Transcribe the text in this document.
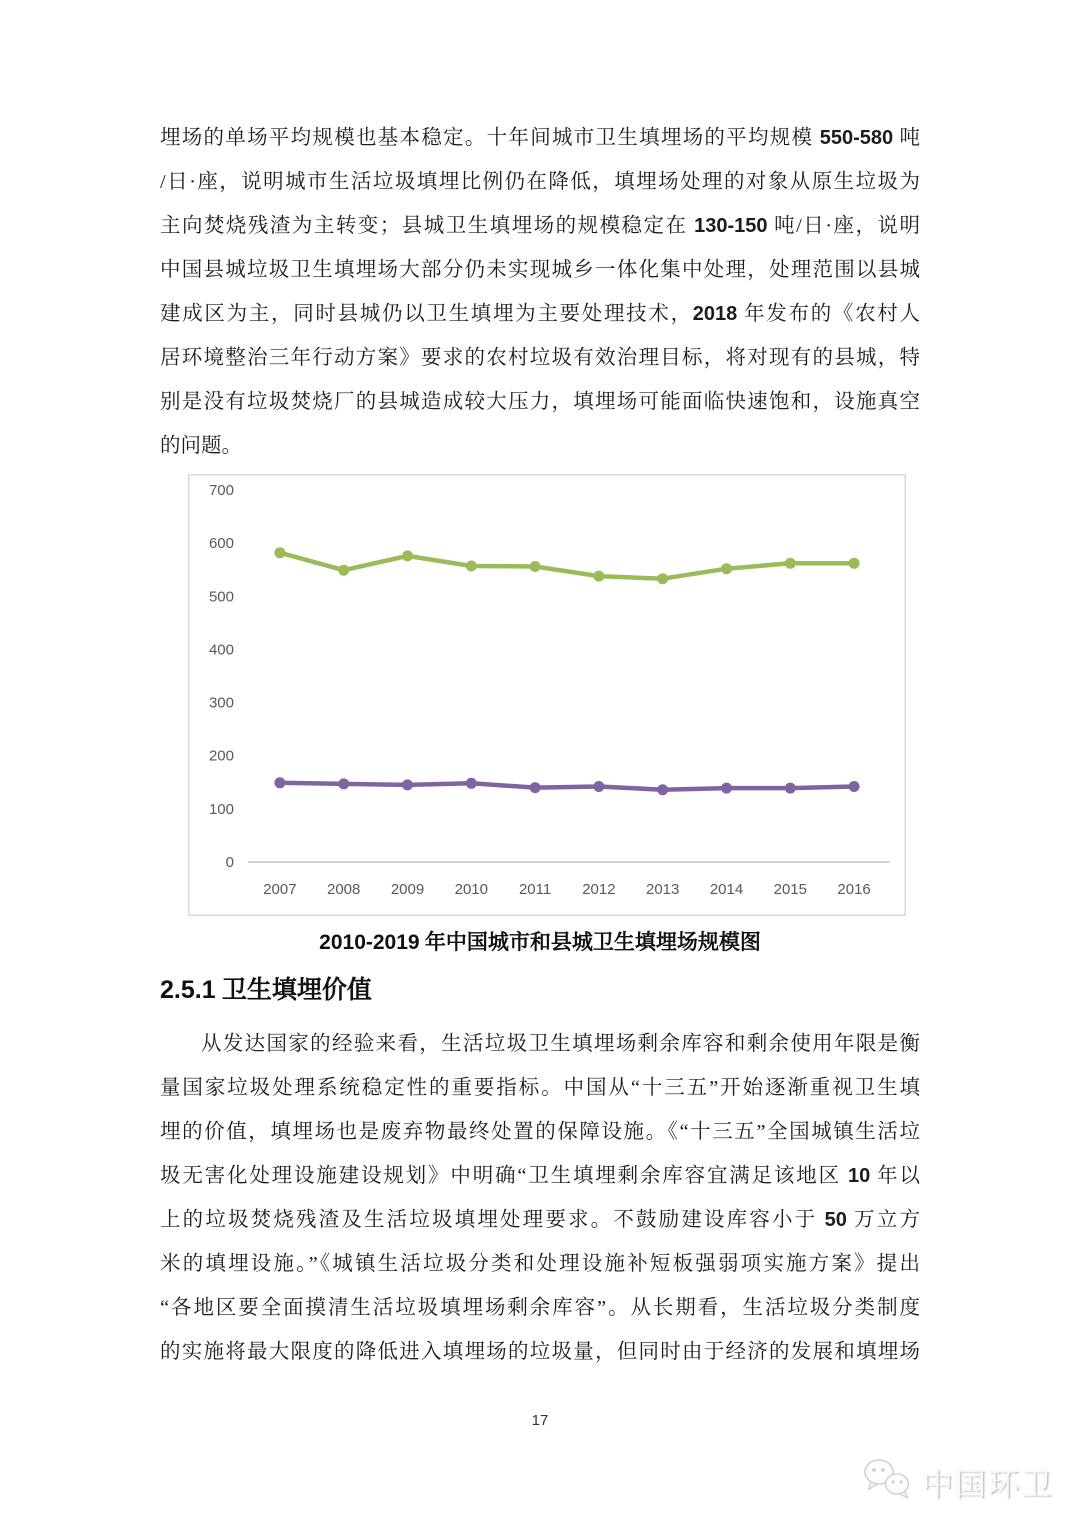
埋场的单场平均规模也基本稳定。十年间城市卫生填埋场的平均规模 550-580 吨
/日·座，说明城市生活垃圾填埋比例仍在降低，填埋场处理的对象从原生垃圾为
主向焚烧残渣为主转变；县城卫生填埋场的规模稳定在 130-150 吨/日·座，说明
中国县城垃圾卫生填埋场大部分仍未实现城乡一体化集中处理，处理范围以县城
建成区为主，同时县城仍以卫生填埋为主要处理技术，2018 年发布的《农村人
居环境整治三年行动方案》要求的农村垃圾有效治理目标，将对现有的县城，特
别是没有垃圾焚烧厂的县城造成较大压力，填埋场可能面临快速饱和，设施真空
的问题。
0
100
200
300
400
500
600
700
2007 2008 2009 2010 2011 2012 2013 2014 2015 2016
2010-2019 年中国城市和县城卫生填埋场规模图
2.5.1 卫生填埋价值
从发达国家的经验来看，生活垃圾卫生填埋场剩余库容和剩余使用年限是衡
量国家垃圾处理系统稳定性的重要指标。中国从“十三五”开始逐渐重视卫生填
埋的价值，填埋场也是废弃物最终处置的保障设施。《“十三五”全国城镇生活垃
圾无害化处理设施建设规划》中明确“卫生填埋剩余库容宜满足该地区 10 年以
上的垃圾焚烧残渣及生活垃圾填埋处理要求。不鼓励建设库容小于 50 万立方
米的填埋设施。”《城镇生活垃圾分类和处理设施补短板强弱项实施方案》提出
“各地区要全面摸清生活垃圾填埋场剩余库容”。从长期看，生活垃圾分类制度
的实施将最大限度的降低进入填埋场的垃圾量，但同时由于经济的发展和填埋场
17
中国环卫
